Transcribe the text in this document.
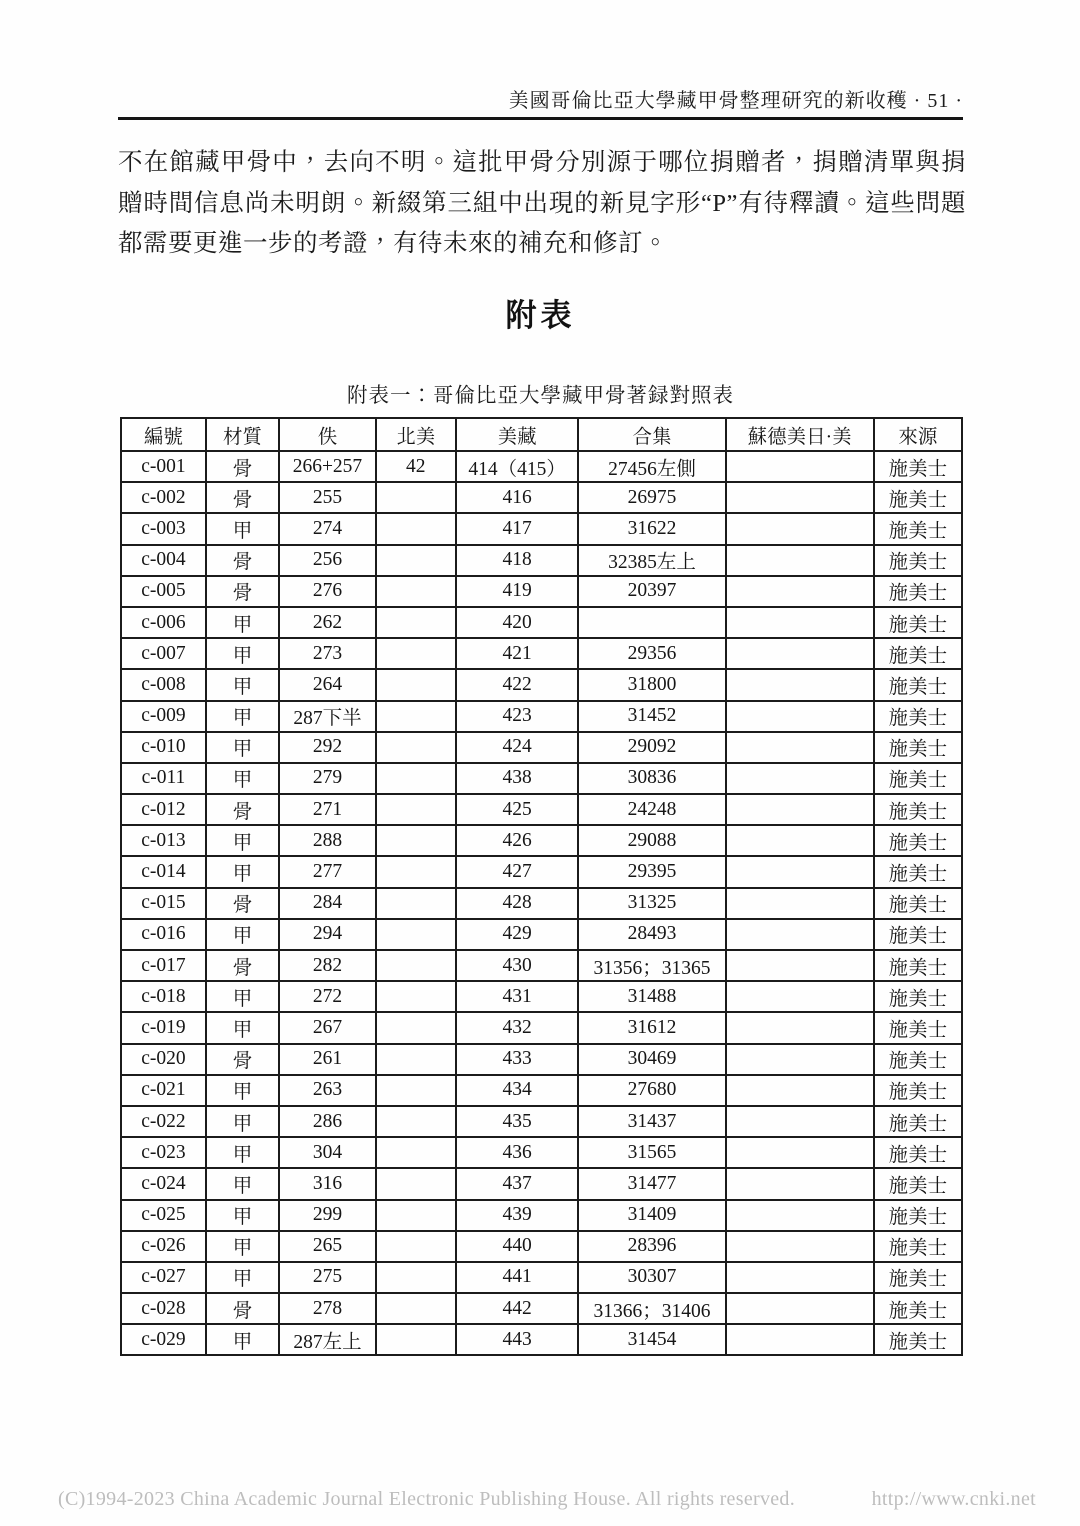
美國哥倫比亞大學藏甲骨整理研究的新收穫 · 51 ·

不在館藏甲骨中，去向不明。這批甲骨分別源于哪位捐贈者，捐贈清單與捐贈時間信息尚未明朗。新綴第三組中出現的新見字形“P”有待釋讀。這些問題都需要更進一步的考證，有待未來的補充和修訂。

附表
附表一：哥倫比亞大學藏甲骨著録對照表
編號	材質	佚	北美	美藏	合集	蘇德美日·美	來源
c-001	骨	266+257	42	414（415）	27456左側		施美士
c-002	骨	255		416	26975		施美士
c-003	甲	274		417	31622		施美士
c-004	骨	256		418	32385左上		施美士
c-005	骨	276		419	20397		施美士
c-006	甲	262		420			施美士
c-007	甲	273		421	29356		施美士
c-008	甲	264		422	31800		施美士
c-009	甲	287下半		423	31452		施美士
c-010	甲	292		424	29092		施美士
c-011	甲	279		438	30836		施美士
c-012	骨	271		425	24248		施美士
c-013	甲	288		426	29088		施美士
c-014	甲	277		427	29395		施美士
c-015	骨	284		428	31325		施美士
c-016	甲	294		429	28493		施美士
c-017	骨	282		430	31356；31365		施美士
c-018	甲	272		431	31488		施美士
c-019	甲	267		432	31612		施美士
c-020	骨	261		433	30469		施美士
c-021	甲	263		434	27680		施美士
c-022	甲	286		435	31437		施美士
c-023	甲	304		436	31565		施美士
c-024	甲	316		437	31477		施美士
c-025	甲	299		439	31409		施美士
c-026	甲	265		440	28396		施美士
c-027	甲	275		441	30307		施美士
c-028	骨	278		442	31366；31406		施美士
c-029	甲	287左上		443	31454		施美士
(C)1994-2023 China Academic Journal Electronic Publishing House. All rights reserved.	http://www.cnki.net
